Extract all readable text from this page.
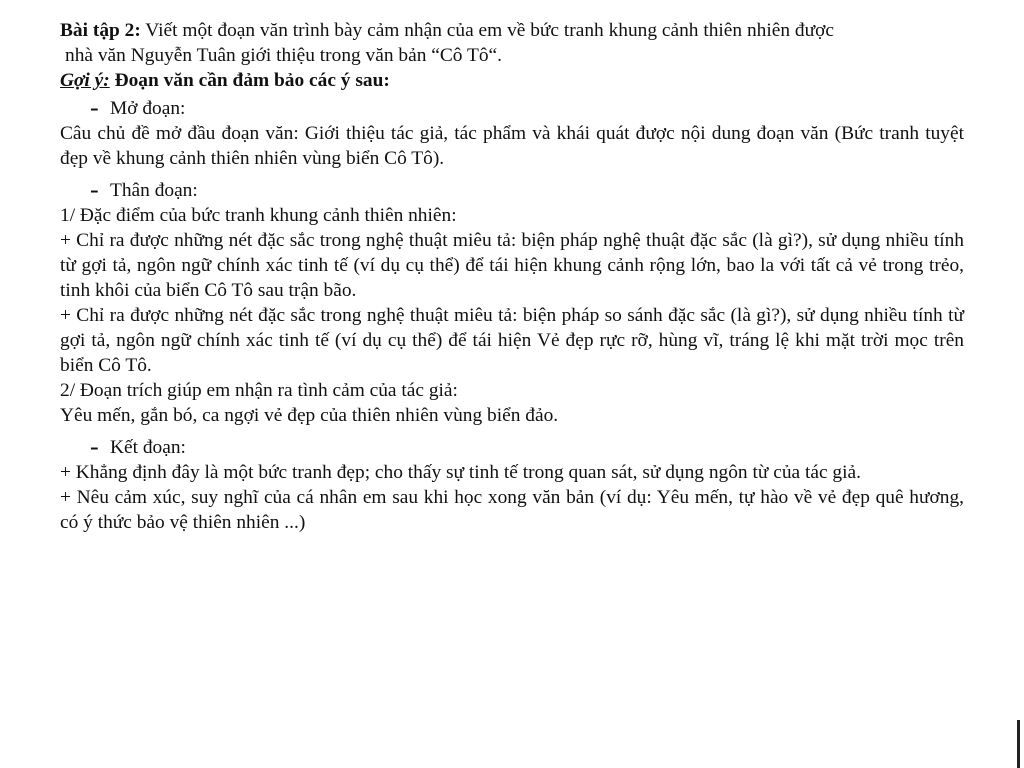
Bài tập 2: Viết một đoạn văn trình bày cảm nhận của em về bức tranh khung cảnh thiên nhiên được

nhà văn Nguyễn Tuân giới thiệu trong văn bản “Cô Tô“.

Gợi ý: Đoạn văn cần đảm bảo các ý sau:

- Mở đoạn:

Câu chủ đề mở đầu đoạn văn: Giới thiệu tác giả, tác phẩm và khái quát được nội dung đoạn văn (Bức tranh tuyệt đẹp về khung cảnh thiên nhiên vùng biển Cô Tô).

- Thân đoạn:

1/ Đặc điểm của bức tranh khung cảnh thiên nhiên:

+ Chỉ ra được những nét đặc sắc trong nghệ thuật miêu tả: biện pháp nghệ thuật đặc sắc (là gì?), sử dụng nhiều tính từ gợi tả, ngôn ngữ chính xác tinh tế (ví dụ cụ thể) để tái hiện khung cảnh rộng lớn, bao la với tất cả vẻ trong trẻo, tinh khôi của biển Cô Tô sau trận bão.

+ Chỉ ra được những nét đặc sắc trong nghệ thuật miêu tả: biện pháp so sánh đặc sắc (là gì?), sử dụng nhiều tính từ gợi tả, ngôn ngữ chính xác tinh tế (ví dụ cụ thể) để tái hiện Vẻ đẹp rực rỡ, hùng vĩ, tráng lệ khi mặt trời mọc trên biển Cô Tô.

2/ Đoạn trích giúp em nhận ra tình cảm của tác giả:

Yêu mến, gắn bó, ca ngợi vẻ đẹp của thiên nhiên vùng biển đảo.

- Kết đoạn:

+ Khẳng định đây là một bức tranh đẹp; cho thấy sự tinh tế trong quan sát, sử dụng ngôn từ của tác giả.

+ Nêu cảm xúc, suy nghĩ của cá nhân em sau khi học xong văn bản (ví dụ: Yêu mến, tự hào về vẻ đẹp quê hương, có ý thức bảo vệ thiên nhiên ...)
